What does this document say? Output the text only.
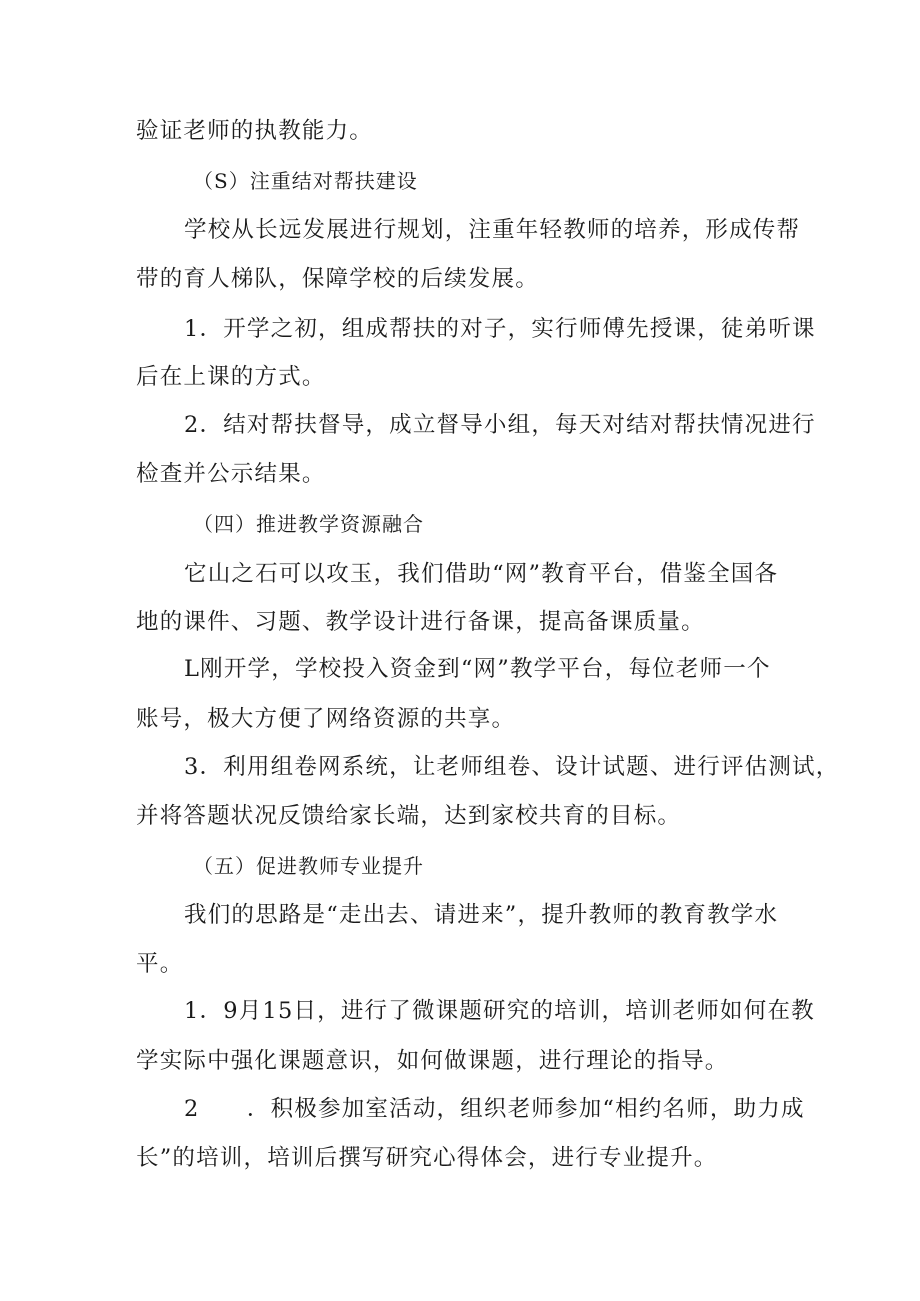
验证老师的执教能力。
（S）注重结对帮扶建设
学校从长远发展进行规划，注重年轻教师的培养，形成传帮
带的育人梯队，保障学校的后续发展。
1．开学之初，组成帮扶的对子，实行师傅先授课，徒弟听课
后在上课的方式。
2．结对帮扶督导，成立督导小组，每天对结对帮扶情况进行
检查并公示结果。
（四）推进教学资源融合
它山之石可以攻玉，我们借助“网”教育平台，借鉴全国各
地的课件、习题、教学设计进行备课，提高备课质量。
L刚开学，学校投入资金到“网”教学平台，每位老师一个
账号，极大方便了网络资源的共享。
3．利用组卷网系统，让老师组卷、设计试题、进行评估测试，
并将答题状况反馈给家长端，达到家校共育的目标。
（五）促进教师专业提升
我们的思路是“走出去、请进来”，提升教师的教育教学水
平。
1．9月15日，进行了微课题研究的培训，培训老师如何在教
学实际中强化课题意识，如何做课题，进行理论的指导。
2　　．积极参加室活动，组织老师参加“相约名师，助力成
长”的培训，培训后撰写研究心得体会，进行专业提升。
